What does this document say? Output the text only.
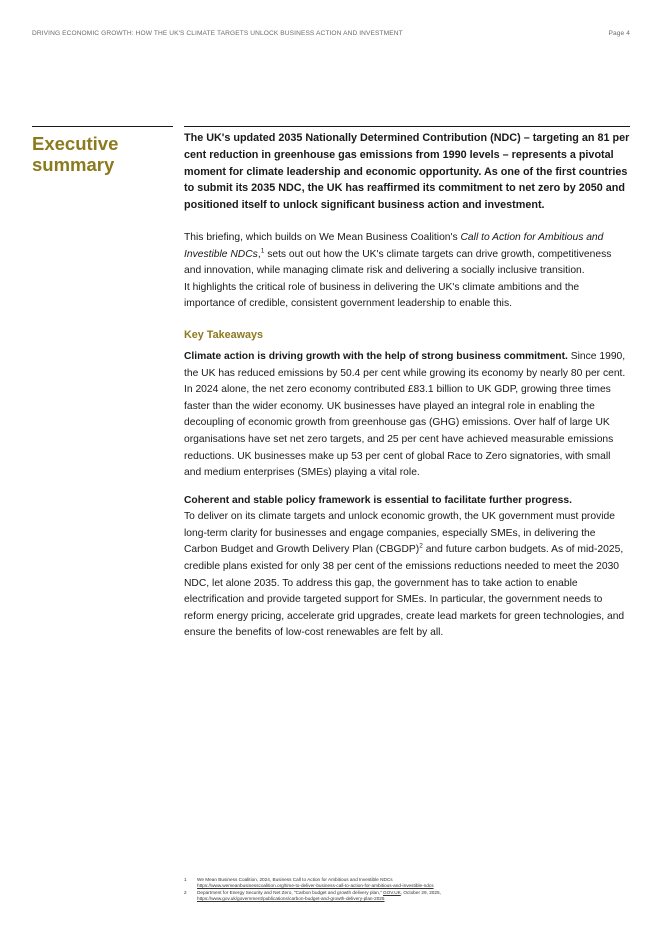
DRIVING ECONOMIC GROWTH: HOW THE UK'S CLIMATE TARGETS UNLOCK BUSINESS ACTION AND INVESTMENT	Page 4
Executive
summary

The UK's updated 2035 Nationally Determined Contribution (NDC) – targeting an 81 per cent reduction in greenhouse gas emissions from 1990 levels – represents a pivotal moment for climate leadership and economic opportunity. As one of the first countries to submit its 2035 NDC, the UK has reaffirmed its commitment to net zero by 2050 and positioned itself to unlock significant business action and investment.

This briefing, which builds on We Mean Business Coalition's Call to Action for Ambitious and Investible NDCs,$^1$ sets out out how the UK's climate targets can drive growth, competitiveness and innovation, while managing climate risk and delivering a socially inclusive transition.
It highlights the critical role of business in delivering the UK's climate ambitions and the importance of credible, consistent government leadership to enable this.
Key Takeaways
Climate action is driving growth with the help of strong business commitment. Since 1990, the UK has reduced emissions by 50.4 per cent while growing its economy by nearly 80 per cent. In 2024 alone, the net zero economy contributed £83.1 billion to UK GDP, growing three times faster than the wider economy. UK businesses have played an integral role in enabling the decoupling of economic growth from greenhouse gas (GHG) emissions. Over half of large UK organisations have set net zero targets, and 25 per cent have achieved measurable emissions reductions. UK businesses make up 53 per cent of global Race to Zero signatories, with small and medium enterprises (SMEs) playing a vital role.
Coherent and stable policy framework is essential to facilitate further progress.
To deliver on its climate targets and unlock economic growth, the UK government must provide long-term clarity for businesses and engage companies, especially SMEs, in delivering the Carbon Budget and Growth Delivery Plan (CBGDP)$^2$ and future carbon budgets. As of mid-2025, credible plans existed for only 38 per cent of the emissions reductions needed to meet the 2030 NDC, let alone 2035. To address this gap, the government has to take action to enable electrification and provide targeted support for SMEs. In particular, the government needs to reform energy pricing, accelerate grid upgrades, create lead markets for green technologies, and ensure the benefits of low-cost renewables are felt by all.
1	We Mean Business Coalition, 2024, Business Call to Action for Ambitious and Investible NDCs
https://www.wemeanbusinesscoalition.org/time-to-deliver-business-call-to-action-for-ambitious-and-investible-ndcs
2	Department for Energy Security and Net Zero, "Carbon budget and growth delivery plan," GOV.UK, October 29, 2025,
https://www.gov.uk/government/publications/carbon-budget-and-growth-delivery-plan-2025
